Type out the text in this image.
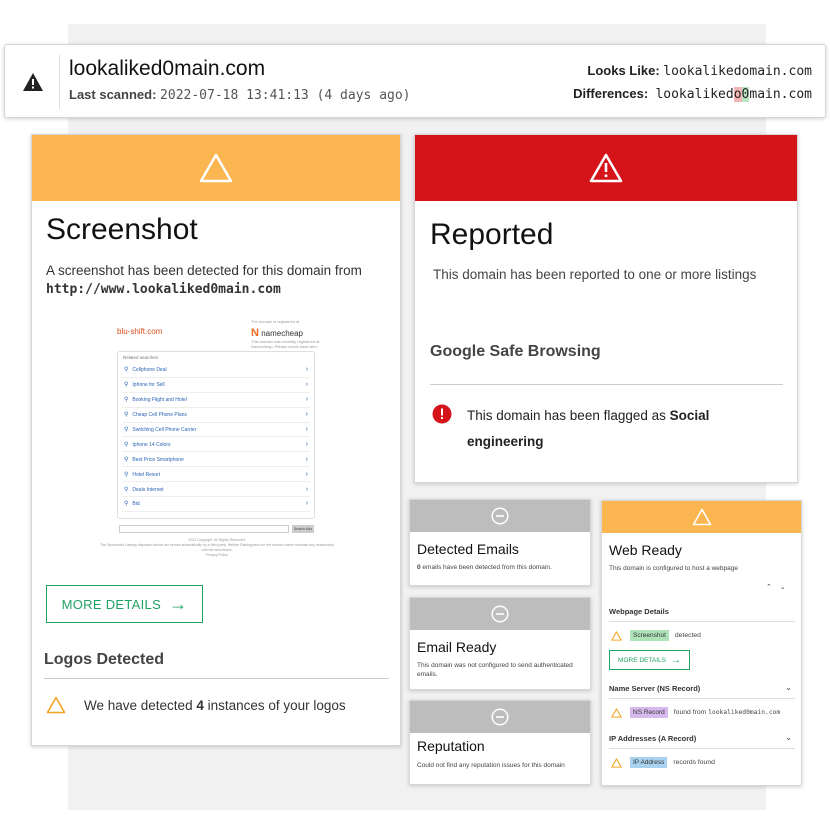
lookaliked0main.com
Last scanned: 2022-07-18 13:41:13 (4 days ago)
Looks Like: lookalikedomain.com
Differences: lookalikedo0main.com
Screenshot
A screenshot has been detected for this domain from
http://www.lookaliked0main.com
blu-shift.com
The domain is registered at
N namecheap
This domain was recently registered at Namecheap. Please check back later.
Related searches
⚲ Cellphone Deal	›
⚲ Iphone for Sell	›
⚲ Booking Flight and Hotel	›
⚲ Cheap Cell Phone Plans	›
⚲ Switching Cell Phone Carrier	›
⚲ Iphone 14 Colors	›
⚲ Best Price Smartphone	›
⚲ Hotel Resort	›
⚲ Deals Internet	›
⚲ Bid	›
Search Ads
2022 Copyright. All Rights Reserved.
The Sponsored Listings displayed above are served automatically by a third party. Neither Parkingcrew nor the domain owner maintain any relationship with the advertisers.
Privacy Policy
MORE DETAILS →
Logos Detected
We have detected 4 instances of your logos
Reported
This domain has been reported to one or more listings
Google Safe Browsing
This domain has been flagged as Social engineering
Detected Emails
0 emails have been detected from this domain.
Email Ready
This domain was not configured to send authenticated emails.
Reputation
Could not find any reputation issues for this domain
Web Ready
This domain is configured to host a webpage
⌃ ⌄
Webpage Details
Screenshot	detected
MORE DETAILS →
Name Server (NS Record)	⌄
NS Record	found from
lookaliked0main.com
IP Addresses (A Record)	⌄
IP Address	records found
